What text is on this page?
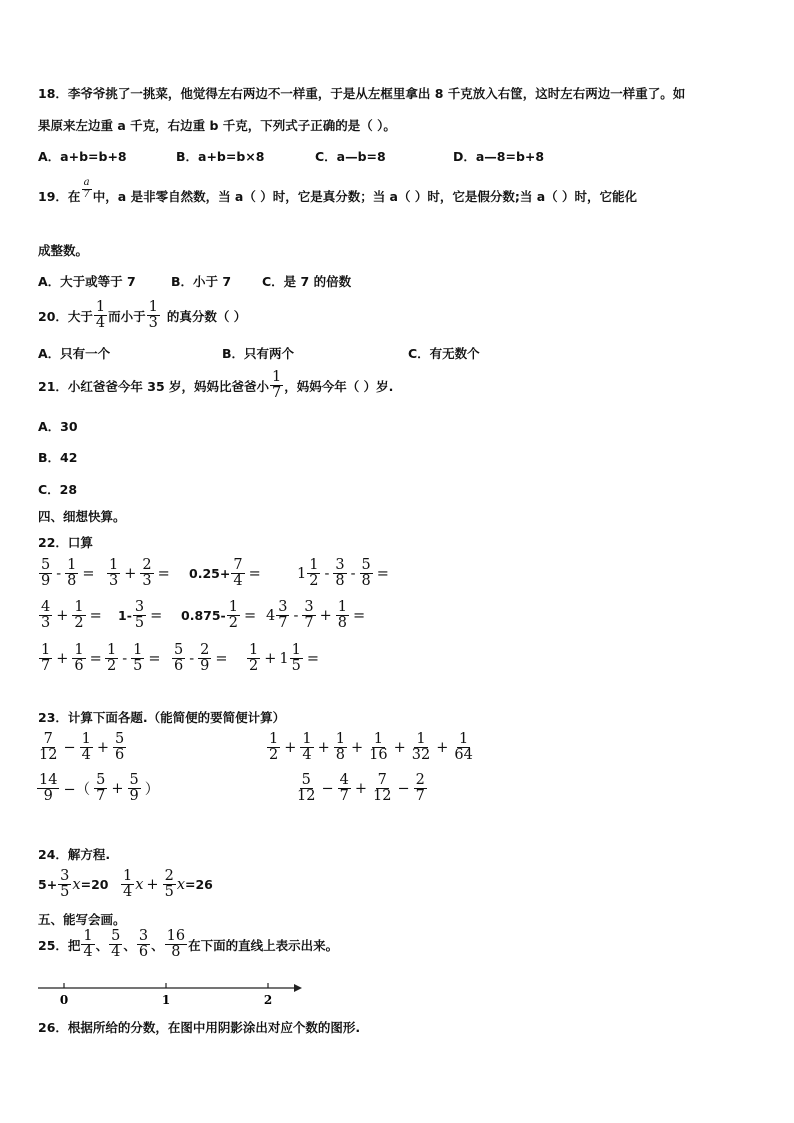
18．李爷爷挑了一挑菜，他觉得左右两边不一样重，于是从左框里拿出 8 千克放入右筐，这时左右两边一样重了。如
果原来左边重 a 千克，右边重 b 千克，下列式子正确的是（ ）。
A．a+b=b+8	B．a+b=b×8	C．a—b=8	D．a—8=b+8
19．在 $\frac{a}{7}$ 中，a 是非零自然数，当 a（ ）时，它是真分数；当 a（ ）时，它是假分数;当 a（ ）时，它能化
成整数。
A．大于或等于 7	B．小于 7 C．是 7 的倍数
20．大于 $\frac{1}{4}$ 而小于 $\frac{1}{3}$ 的真分数（ ）
A．只有一个	B．只有两个	C．有无数个
21．小红爸爸今年 35 岁，妈妈比爸爸小 $\frac{1}{7}$ ，妈妈今年（ ）岁.
A．30
B．42
C．28
四、细想快算。
22．口算
$\frac{5}{9} - \frac{1}{8} = \frac{1}{3} + \frac{2}{3} = 0.25+ \frac{7}{4}$ =	$1 \frac{1}{2} - \frac{3}{8} - \frac{5}{8}$ =
$\frac{4}{3} + \frac{1}{2} = 1- \frac{3}{5} = 0.875- \frac{1}{2} = 4 \frac{3}{7} - \frac{3}{7} + \frac{1}{8}$ =
$\frac{1}{7} + \frac{1}{6} = \frac{1}{2} - \frac{1}{5} = \frac{5}{6} - \frac{2}{9} = \frac{1}{2} + 1 \frac{1}{5}$ =
23．计算下面各题.（能简便的要简便计算）
$\frac{7}{12} - \frac{1}{4} + \frac{5}{6}$	$\frac{1}{2} + \frac{1}{4} + \frac{1}{8} + \frac{1}{16} + \frac{1}{32} + \frac{1}{64}$
$\frac{14}{9}$ −（ $\frac{5}{7} + \frac{5}{9}$ ）	$\frac{5}{12} - \frac{4}{7} + \frac{7}{12} - \frac{2}{7}$
24．解方程.
$5+ \frac{3}{5}$ $x =20 \frac{1}{4}$ $x + \frac{2}{5}$ x =26
五、能写会画。
25．把 $\frac{1}{4}$ 、 $\frac{5}{4}$ 、 $\frac{3}{6}$ 、 $\frac{16}{8}$ 在下面的直线上表示出来。
0	1	2
26．根据所给的分数，在图中用阴影涂出对应个数的图形.
